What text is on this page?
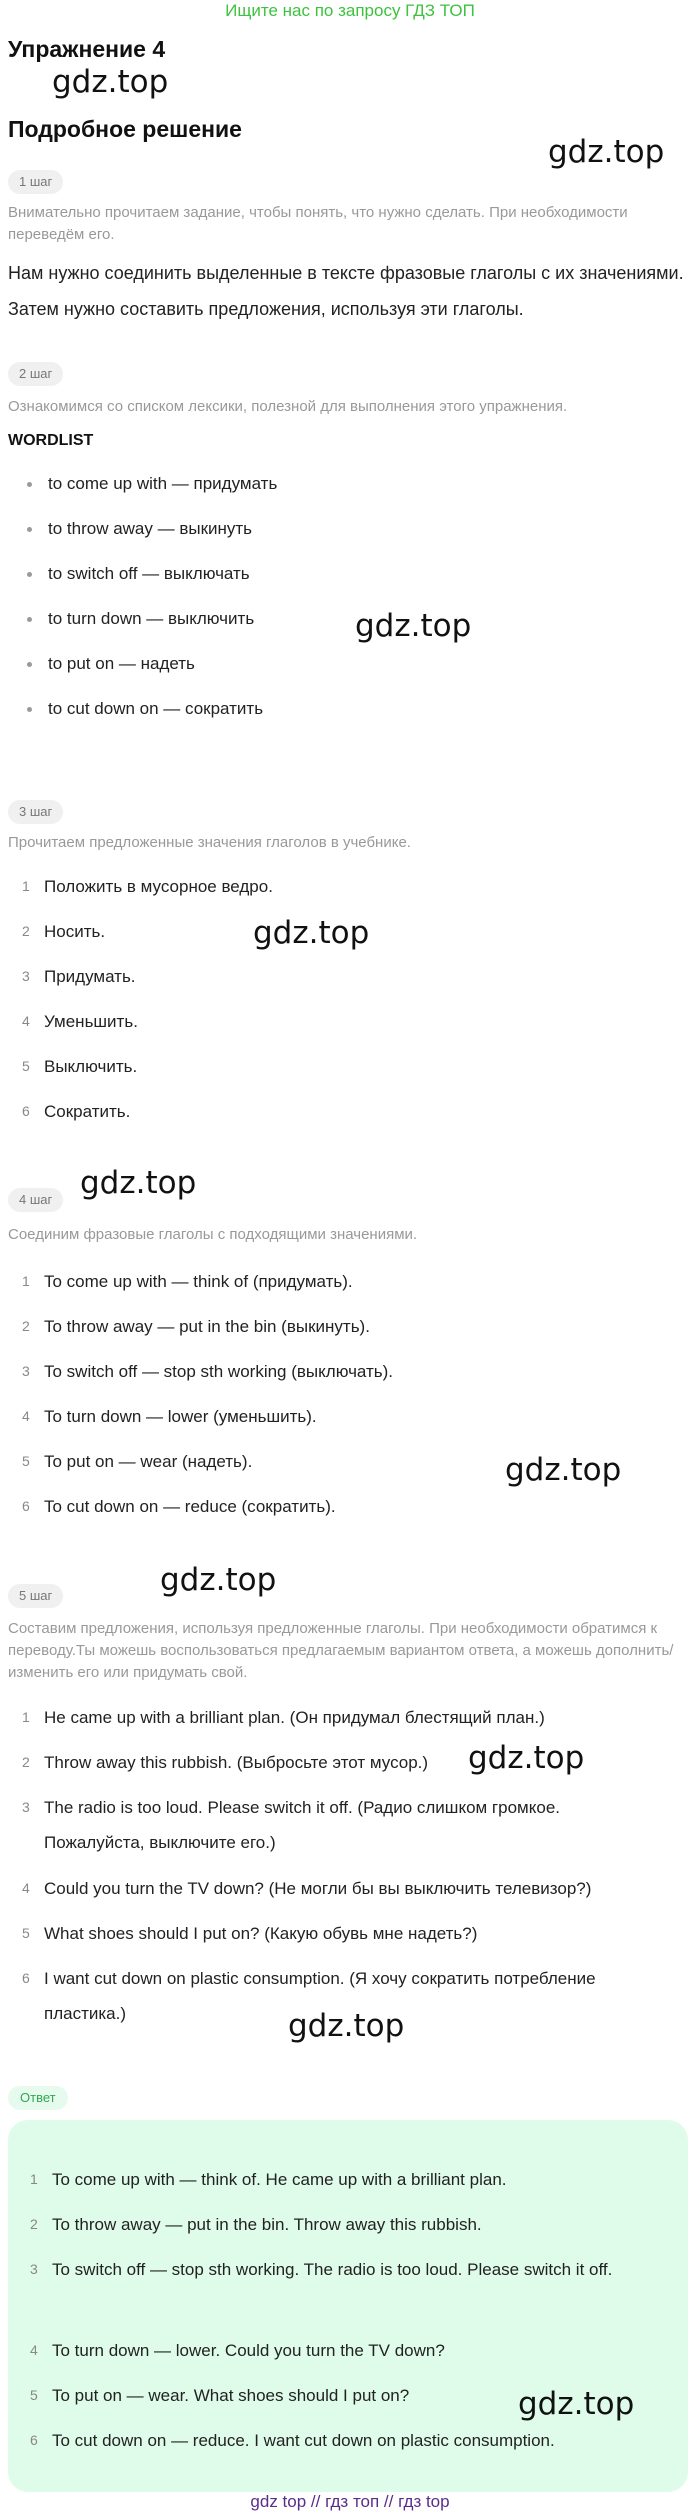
Ищите нас по запросу ГДЗ ТОП
Упражнение 4
gdz.top
Подробное решение
gdz.top
1 шаг
Внимательно прочитаем задание, чтобы понять, что нужно сделать. При необходимости переведём его.
Нам нужно соединить выделенные в тексте фразовые глаголы с их значениями. Затем нужно составить предложения, используя эти глаголы.
2 шаг
Ознакомимся со списком лексики, полезной для выполнения этого упражнения.
WORDLIST
to come up with — придумать
to throw away — выкинуть
to switch off — выключать
to turn down — выключить
to put on — надеть
to cut down on — сократить
gdz.top
3 шаг
Прочитаем предложенные значения глаголов в учебнике.
1 Положить в мусорное ведро.
2 Носить.
3 Придумать.
4 Уменьшить.
5 Выключить.
6 Сократить.
gdz.top
4 шаг gdz.top
Соединим фразовые глаголы с подходящими значениями.
1 To come up with — think of (придумать).
2 To throw away — put in the bin (выкинуть).
3 To switch off — stop sth working (выключать).
4 To turn down — lower (уменьшить).
5 To put on — wear (надеть).
6 To cut down on — reduce (сократить).
gdz.top
5 шаг	gdz.top
Составим предложения, используя предложенные глаголы. При необходимости обратимся к переводу.Ты можешь воспользоваться предлагаемым вариантом ответа, а можешь дополнить/изменить его или придумать свой.
1 He came up with a brilliant plan. (Он придумал блестящий план.)
2 Throw away this rubbish. (Выбросьте этот мусор.)
3 The radio is too loud. Please switch it off. (Радио слишком громкое. Пожалуйста, выключите его.)
4 Could you turn the TV down? (Не могли бы вы выключить телевизор?)
5 What shoes should I put on? (Какую обувь мне надеть?)
6 I want cut down on plastic consumption. (Я хочу сократить потребление пластика.)
gdz.top
gdz.top
Ответ
1 To come up with — think of. He came up with a brilliant plan.
2 To throw away — put in the bin. Throw away this rubbish.
3 To switch off — stop sth working. The radio is too loud. Please switch it off.
4 To turn down — lower. Could you turn the TV down?
5 To put on — wear. What shoes should I put on?
6 To cut down on — reduce. I want cut down on plastic consumption.
gdz.top
gdz top // гдз топ // гдз top
